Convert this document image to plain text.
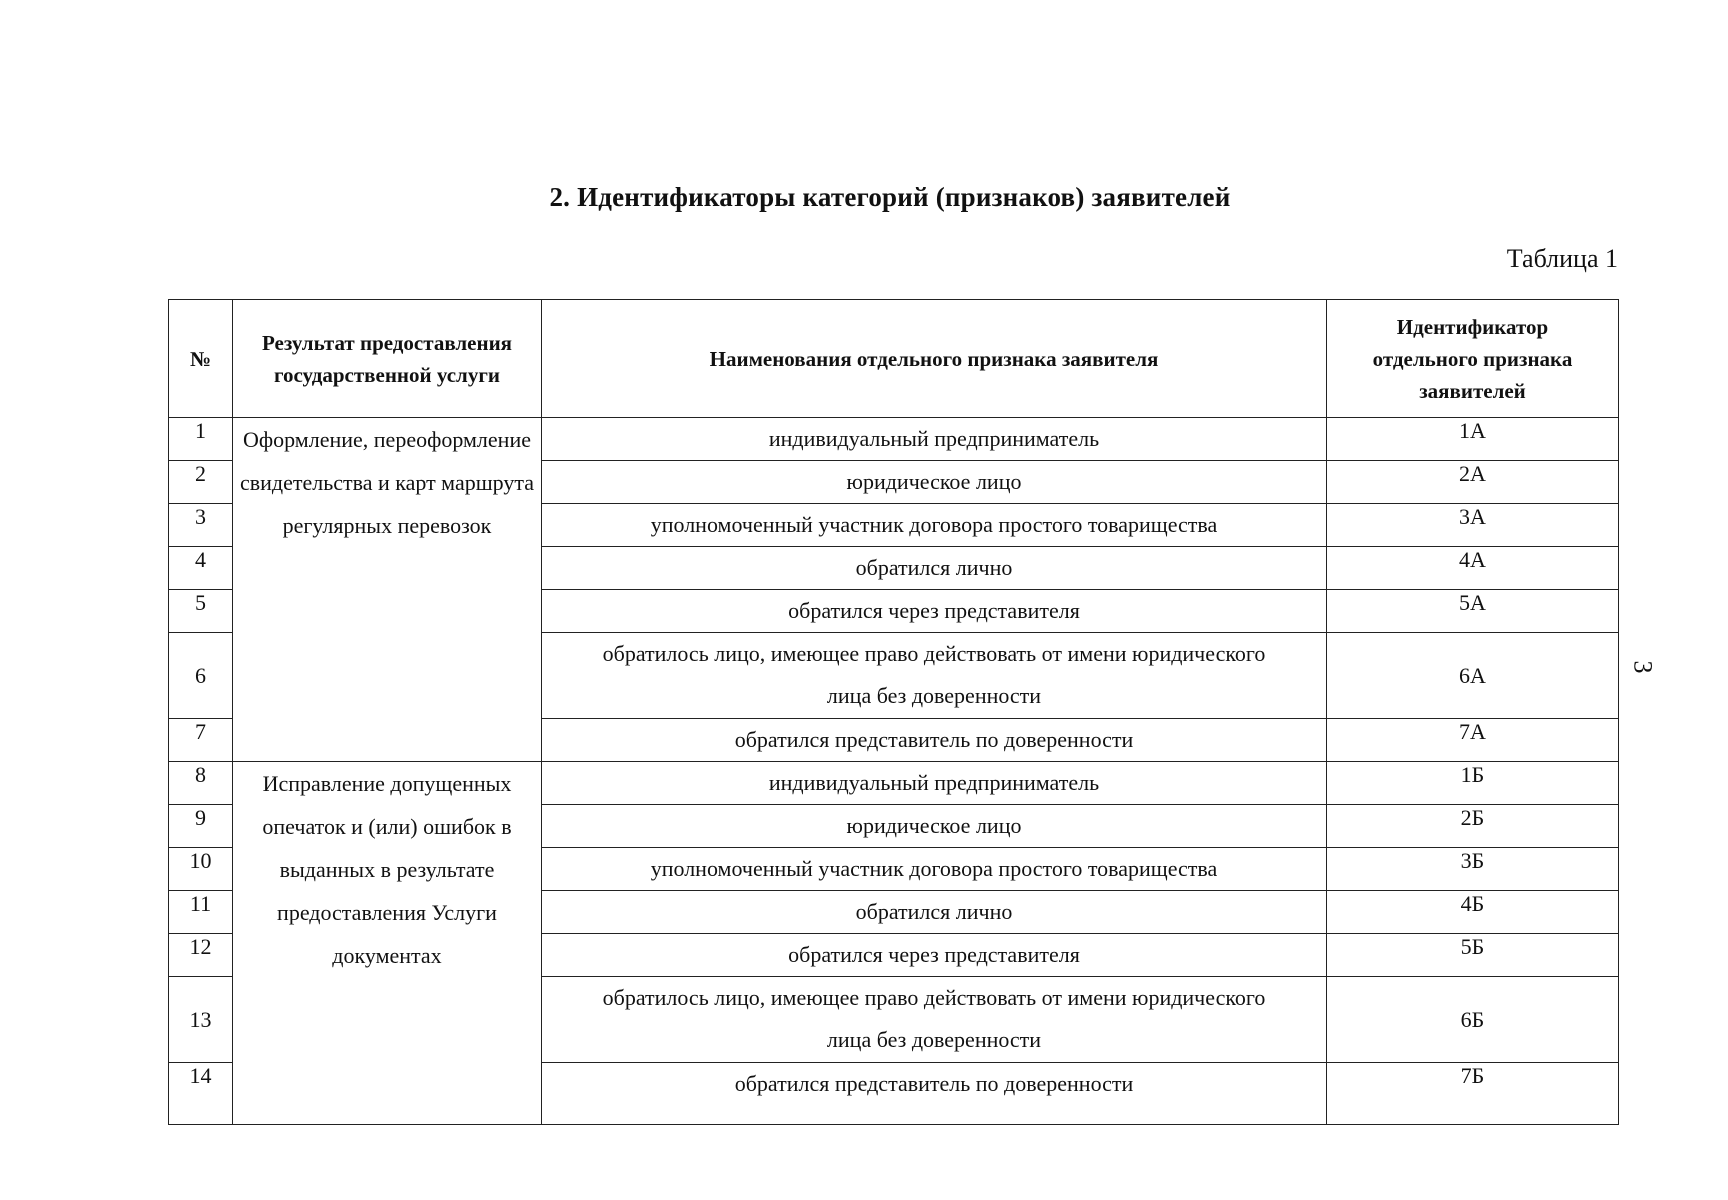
2. Идентификаторы категорий (признаков) заявителей
Таблица 1
3
№	Результат предоставления государственной услуги	Наименования отдельного признака заявителя	Идентификатор отдельного признака заявителей
1	Оформление, переоформление свидетельства и карт маршрута регулярных перевозок	индивидуальный предприниматель	1А
2		юридическое лицо	2А
3		уполномоченный участник договора простого товарищества	3А
4		обратился лично	4А
5		обратился через представителя	5А
6		обратилось лицо, имеющее право действовать от имени юридического лица без доверенности	6А
7		обратился представитель по доверенности	7А
8	Исправление допущенных опечаток и (или) ошибок в выданных в результате предоставления Услуги документах	индивидуальный предприниматель	1Б
9		юридическое лицо	2Б
10		уполномоченный участник договора простого товарищества	3Б
11		обратился лично	4Б
12		обратился через представителя	5Б
13		обратилось лицо, имеющее право действовать от имени юридического лица без доверенности	6Б
14		обратился представитель по доверенности	7Б
